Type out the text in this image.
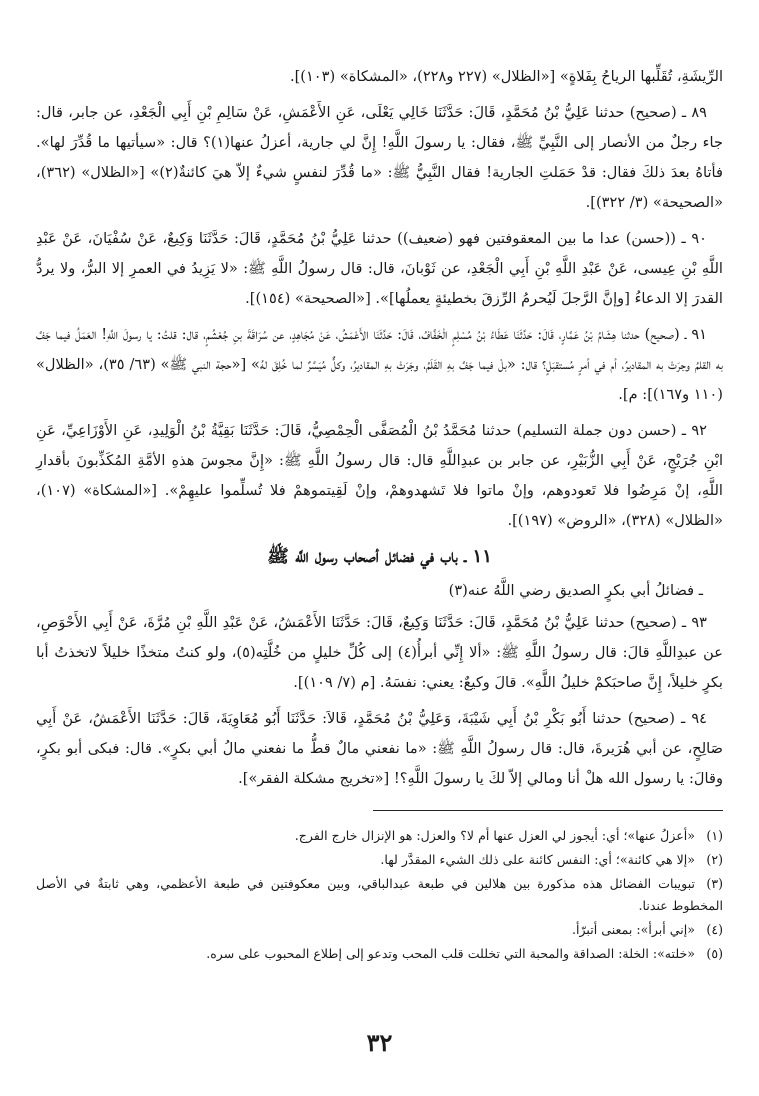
الرِّيشَةِ، تُقَلِّبها الرياحُ بِفَلاةٍ» [«الظلال» (٢٢٧ و٢٢٨)، «المشكاة» (١٠٣)].

٨٩ ـ (صحيح) حدثنا عَلِيُّ بْنُ مُحَمَّدٍ، قَالَ: حَدَّثَنَا خَالِي يَعْلَى، عَنِ الأَعْمَشِ، عَنْ سَالِمِ بْنِ أَبِي الْجَعْدِ، عن جابر، قال: جاء رجلٌ من الأنصار إلى النَّبِيِّ ﷺ، فقال: يا رسولَ اللَّهِ! إِنَّ لي جارية، أعزلُ عنها(١)؟ قال: «سيأتيها ما قُدِّرَ لها». فأتاهُ بعدَ ذلكَ فقال: قدْ حَمَلتِ الجارية! فقال النَّبِيُّ ﷺ: «ما قُدِّرَ لنفسٍ شيءٌ إلاّ هيَ كائنةٌ(٢)» [«الظلال» (٣٦٢)، «الصحيحة» (٣/ ٣٢٢)].

٩٠ ـ ((حسن) عدا ما بين المعقوفتين فهو (ضعيف)) حدثنا عَلِيُّ بْنُ مُحَمَّدٍ، قَالَ: حَدَّثَنَا وَكِيعٌ، عَنْ سُفْيَانَ، عَنْ عَبْدِ اللَّهِ بْنِ عِيسى، عَنْ عَبْدِ اللَّهِ بْنِ أَبِي الْجَعْدِ، عن ثَوْبانَ، قال: قال رسولُ اللَّهِ ﷺ: «لا يَزِيدُ في العمرِ إلا البرُّ، ولا يردُّ القدرَ إلا الدعاءُ [وإنَّ الرَّجلَ لَيُحرمُ الرِّزقَ بخطيئةٍ يعملُها]». [«الصحيحة» (١٥٤)].

٩١ ـ (صحيح) حدثنا هِشَامُ بْنُ عَمَّارٍ، قَالَ: حَدَّثَنَا عَطَاءُ بْنُ مُسْلِمٍ الْخَفَّافُ، قَالَ: حَدَّثَنَا الأَعْمَشُ، عَنْ مُجَاهِدٍ، عن سُرَاقَةَ بنِ جُعْشُمٍ، قال: قلتُ: يا رسولَ اللَّهِ! العَمَلُ فيما جَفَّ به القلمُ وجرَتْ به المقاديرُ، أم في أمرٍ مُستقبَلٍ؟ قال: «بلْ فيما جَفَّ بهِ القَلَمُ، وجَرَتْ بهِ المقاديرُ، وكلٌّ مُيَسَّرٌ لما خُلِقَ لهُ» [«حجة النبي ﷺ» (٦٣/ ٣٥)، «الظلال» (١١٠ و١٦٧)]: م].

٩٢ ـ (حسن دون جملة التسليم) حدثنا مُحَمَّدُ بْنُ الْمُصَفَّى الْحِمْصِيُّ، قَالَ: حَدَّثَنَا بَقِيَّةُ بْنُ الْوَلِيدِ، عَنِ الأَوْزَاعِيِّ، عَنِ ابْنِ جُرَيْجٍ، عَنْ أَبِي الزُّبَيْرِ، عن جابر بن عبدِاللَّهِ قال: قال رسولُ اللَّهِ ﷺ: «إِنَّ مجوسَ هذهِ الأمَّةِ المُكَذِّبونَ بأقدارِ اللَّهِ، إنْ مَرِضُوا فلا تَعودوهم، وإنْ ماتوا فلا تَشهدوهمْ، وإنْ لَقِيتموهمْ فلا تُسلِّموا عليهِمْ». [«المشكاة» (١٠٧)، «الظلال» (٣٢٨)، «الروض» (١٩٧)].

١١ ـ باب في فضائل أصحاب رسول اللَّه ﷺ
ـ فضائلُ أبي بكرٍ الصديق رضي اللَّهُ عنه(٣)

٩٣ ـ (صحيح) حدثنا عَلِيُّ بْنُ مُحَمَّدٍ، قَالَ: حَدَّثَنَا وَكِيعٌ، قَالَ: حَدَّثَنَا الأَعْمَشُ، عَنْ عَبْدِ اللَّهِ بْنِ مُرَّةَ، عَنْ أَبِي الأَحْوَصِ، عن عبدِاللَّهِ قالَ: قال رسولُ اللَّهِ ﷺ: «ألا إِنِّي أبرأُ(٤) إلى كُلِّ خليلٍ من خُلَّتِه(٥)، ولو كنتُ متخذًا خليلاً لاتخذتُ أبا بكرٍ خليلاً، إِنَّ صاحبَكمْ خليلُ اللَّهِ». قالَ وكيعٌ: يعني: نفسَهُ. [م (٧/ ١٠٩)].

٩٤ ـ (صحيح) حدثنا أَبُو بَكْرِ بْنُ أَبِي شَيْبَةَ، وَعَلِيُّ بْنُ مُحَمَّدٍ، قَالاَ: حَدَّثَنَا أَبُو مُعَاوِيَةَ، قَالَ: حَدَّثَنَا الأَعْمَشُ، عَنْ أَبِي صَالِحٍ، عن أبي هُرَيرةَ، قال: قال رسولُ اللَّهِ ﷺ: «ما نفعني مالٌ قطُّ ما نفعني مالُ أبي بكرٍ». قال: فبكى أبو بكرٍ، وقالَ: يا رسول الله هلْ أنا ومالي إلاّ لكَ يا رسولَ اللَّهِ؟! [«تخريج مشكلة الفقر»].

(١)«أعزلُ عنها»؛ أي: أيجوز لي العزل عنها أم لا؟ والعزل: هو الإنزال خارج الفرج.
(٢)«إلا هي كائنة»؛ أي: النفس كائنة على ذلك الشيء المقدَّر لها.
(٣)تبويبات الفضائل هذه مذكورة بين هلالين في طبعة عبدالباقي، وبين معكوفتين في طبعة الأعظمي، وهي ثابتةٌ في الأصل المخطوط عندنا.
(٤)«إني أبرأ»: بمعنى أتبرّأ.
(٥)«خلته»: الخلة: الصداقة والمحبة التي تخللت قلب المحب وتدعو إلى إطلاع المحبوب على سره.
٣٢
